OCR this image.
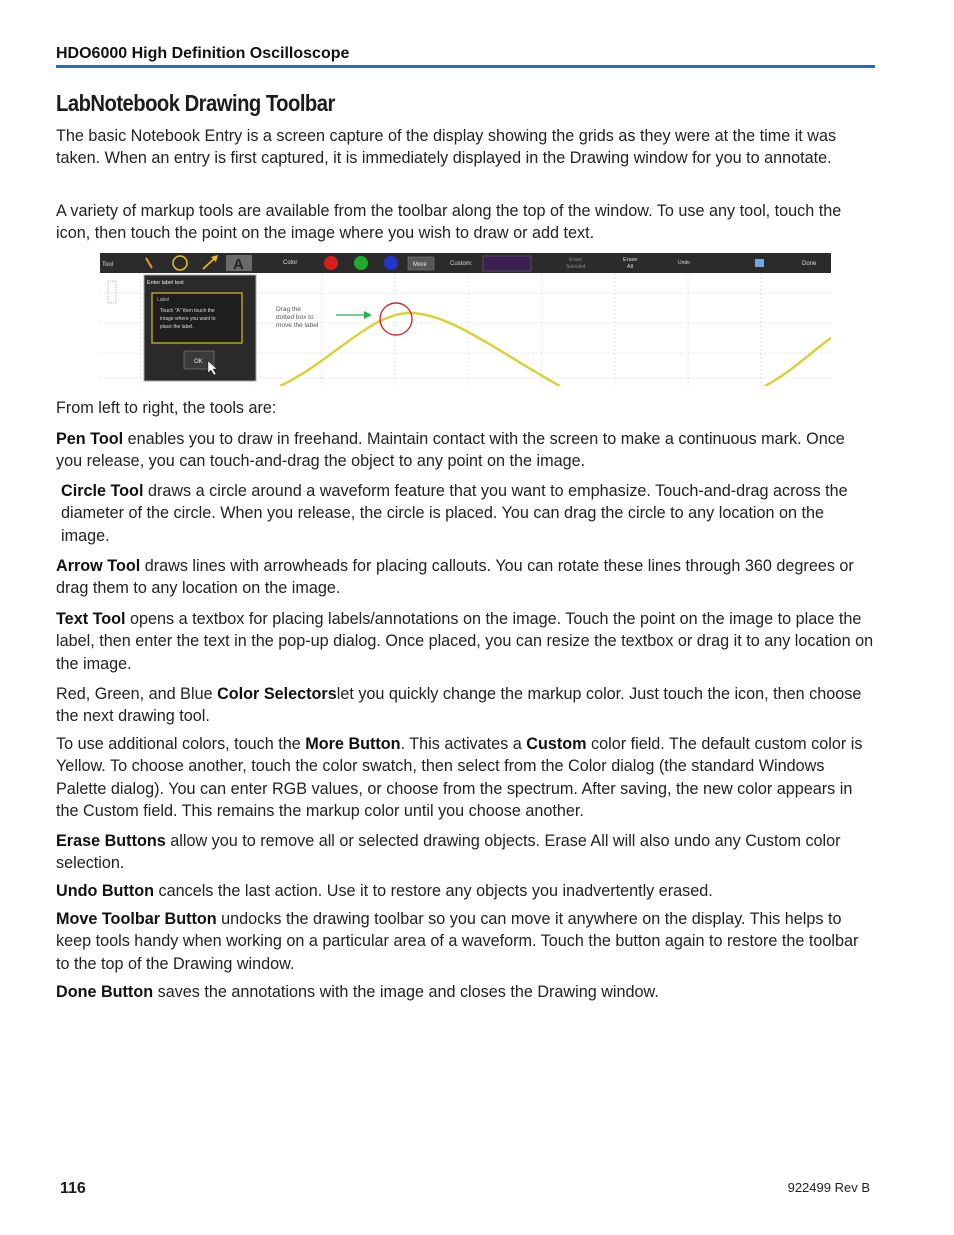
HDO6000 High Definition Oscilloscope
LabNotebook Drawing Toolbar

The basic Notebook Entry is a screen capture of the display showing the grids as they were at the time it was taken. When an entry is first captured, it is immediately displayed in the Drawing window for you to annotate.

A variety of markup tools are available from the toolbar along the top of the window. To use any tool, touch the icon, then touch the point on the image where you wish to draw or add text.

Tool	A	Color	More	Custom:
Erase
Selected
Erase
All
Undo	Done
Enter label text
Label
Touch "A" then touch the
image where you want to
place the label.
OK
Drag the
dotted box to
move the label

From left to right, the tools are:

Pen Tool enables you to draw in freehand. Maintain contact with the screen to make a continuous mark. Once you release, you can touch-and-drag the object to any point on the image.

Circle Tool draws a circle around a waveform feature that you want to emphasize. Touch-and-drag across the diameter of the circle. When you release, the circle is placed. You can drag the circle to any location on the image.

Arrow Tool draws lines with arrowheads for placing callouts. You can rotate these lines through 360 degrees or drag them to any location on the image.

Text Tool opens a textbox for placing labels/annotations on the image. Touch the point on the image to place the label, then enter the text in the pop-up dialog. Once placed, you can resize the textbox or drag it to any location on the image.

Red, Green, and Blue Color Selectorslet you quickly change the markup color. Just touch the icon, then choose the next drawing tool.

To use additional colors, touch the More Button. This activates a Custom color field. The default custom color is Yellow. To choose another, touch the color swatch, then select from the Color dialog (the standard Windows Palette dialog). You can enter RGB values, or choose from the spectrum. After saving, the new color appears in the Custom field. This remains the markup color until you choose another.

Erase Buttons allow you to remove all or selected drawing objects. Erase All will also undo any Custom color selection.

Undo Button cancels the last action. Use it to restore any objects you inadvertently erased.

Move Toolbar Button undocks the drawing toolbar so you can move it anywhere on the display. This helps to keep tools handy when working on a particular area of a waveform. Touch the button again to restore the toolbar to the top of the Drawing window.

Done Button saves the annotations with the image and closes the Drawing window.

116	922499 Rev B
